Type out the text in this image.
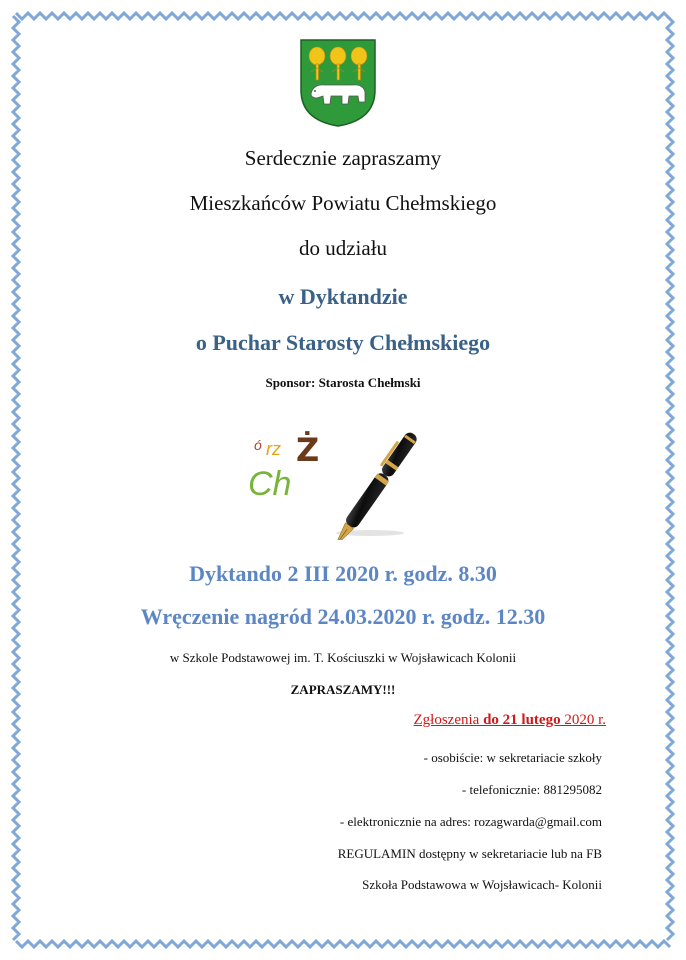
Serdecznie zapraszamy
Mieszkańców Powiatu Chełmskiego
do udziału
w Dyktandzie
o Puchar Starosty Chełmskiego
Sponsor: Starosta Chełmski
ó rz Ż
Ch
Dyktando 2 III 2020 r. godz. 8.30
Wręczenie nagród 24.03.2020 r. godz. 12.30
w Szkole Podstawowej im. T. Kościuszki w Wojsławicach Kolonii
ZAPRASZAMY!!!
Zgłoszenia do 21 lutego 2020 r.
- osobiście: w sekretariacie szkoły
- telefonicznie: 881295082
- elektronicznie na adres: rozagwarda@gmail.com
REGULAMIN dostępny w sekretariacie lub na FB
Szkoła Podstawowa w Wojsławicach- Kolonii
